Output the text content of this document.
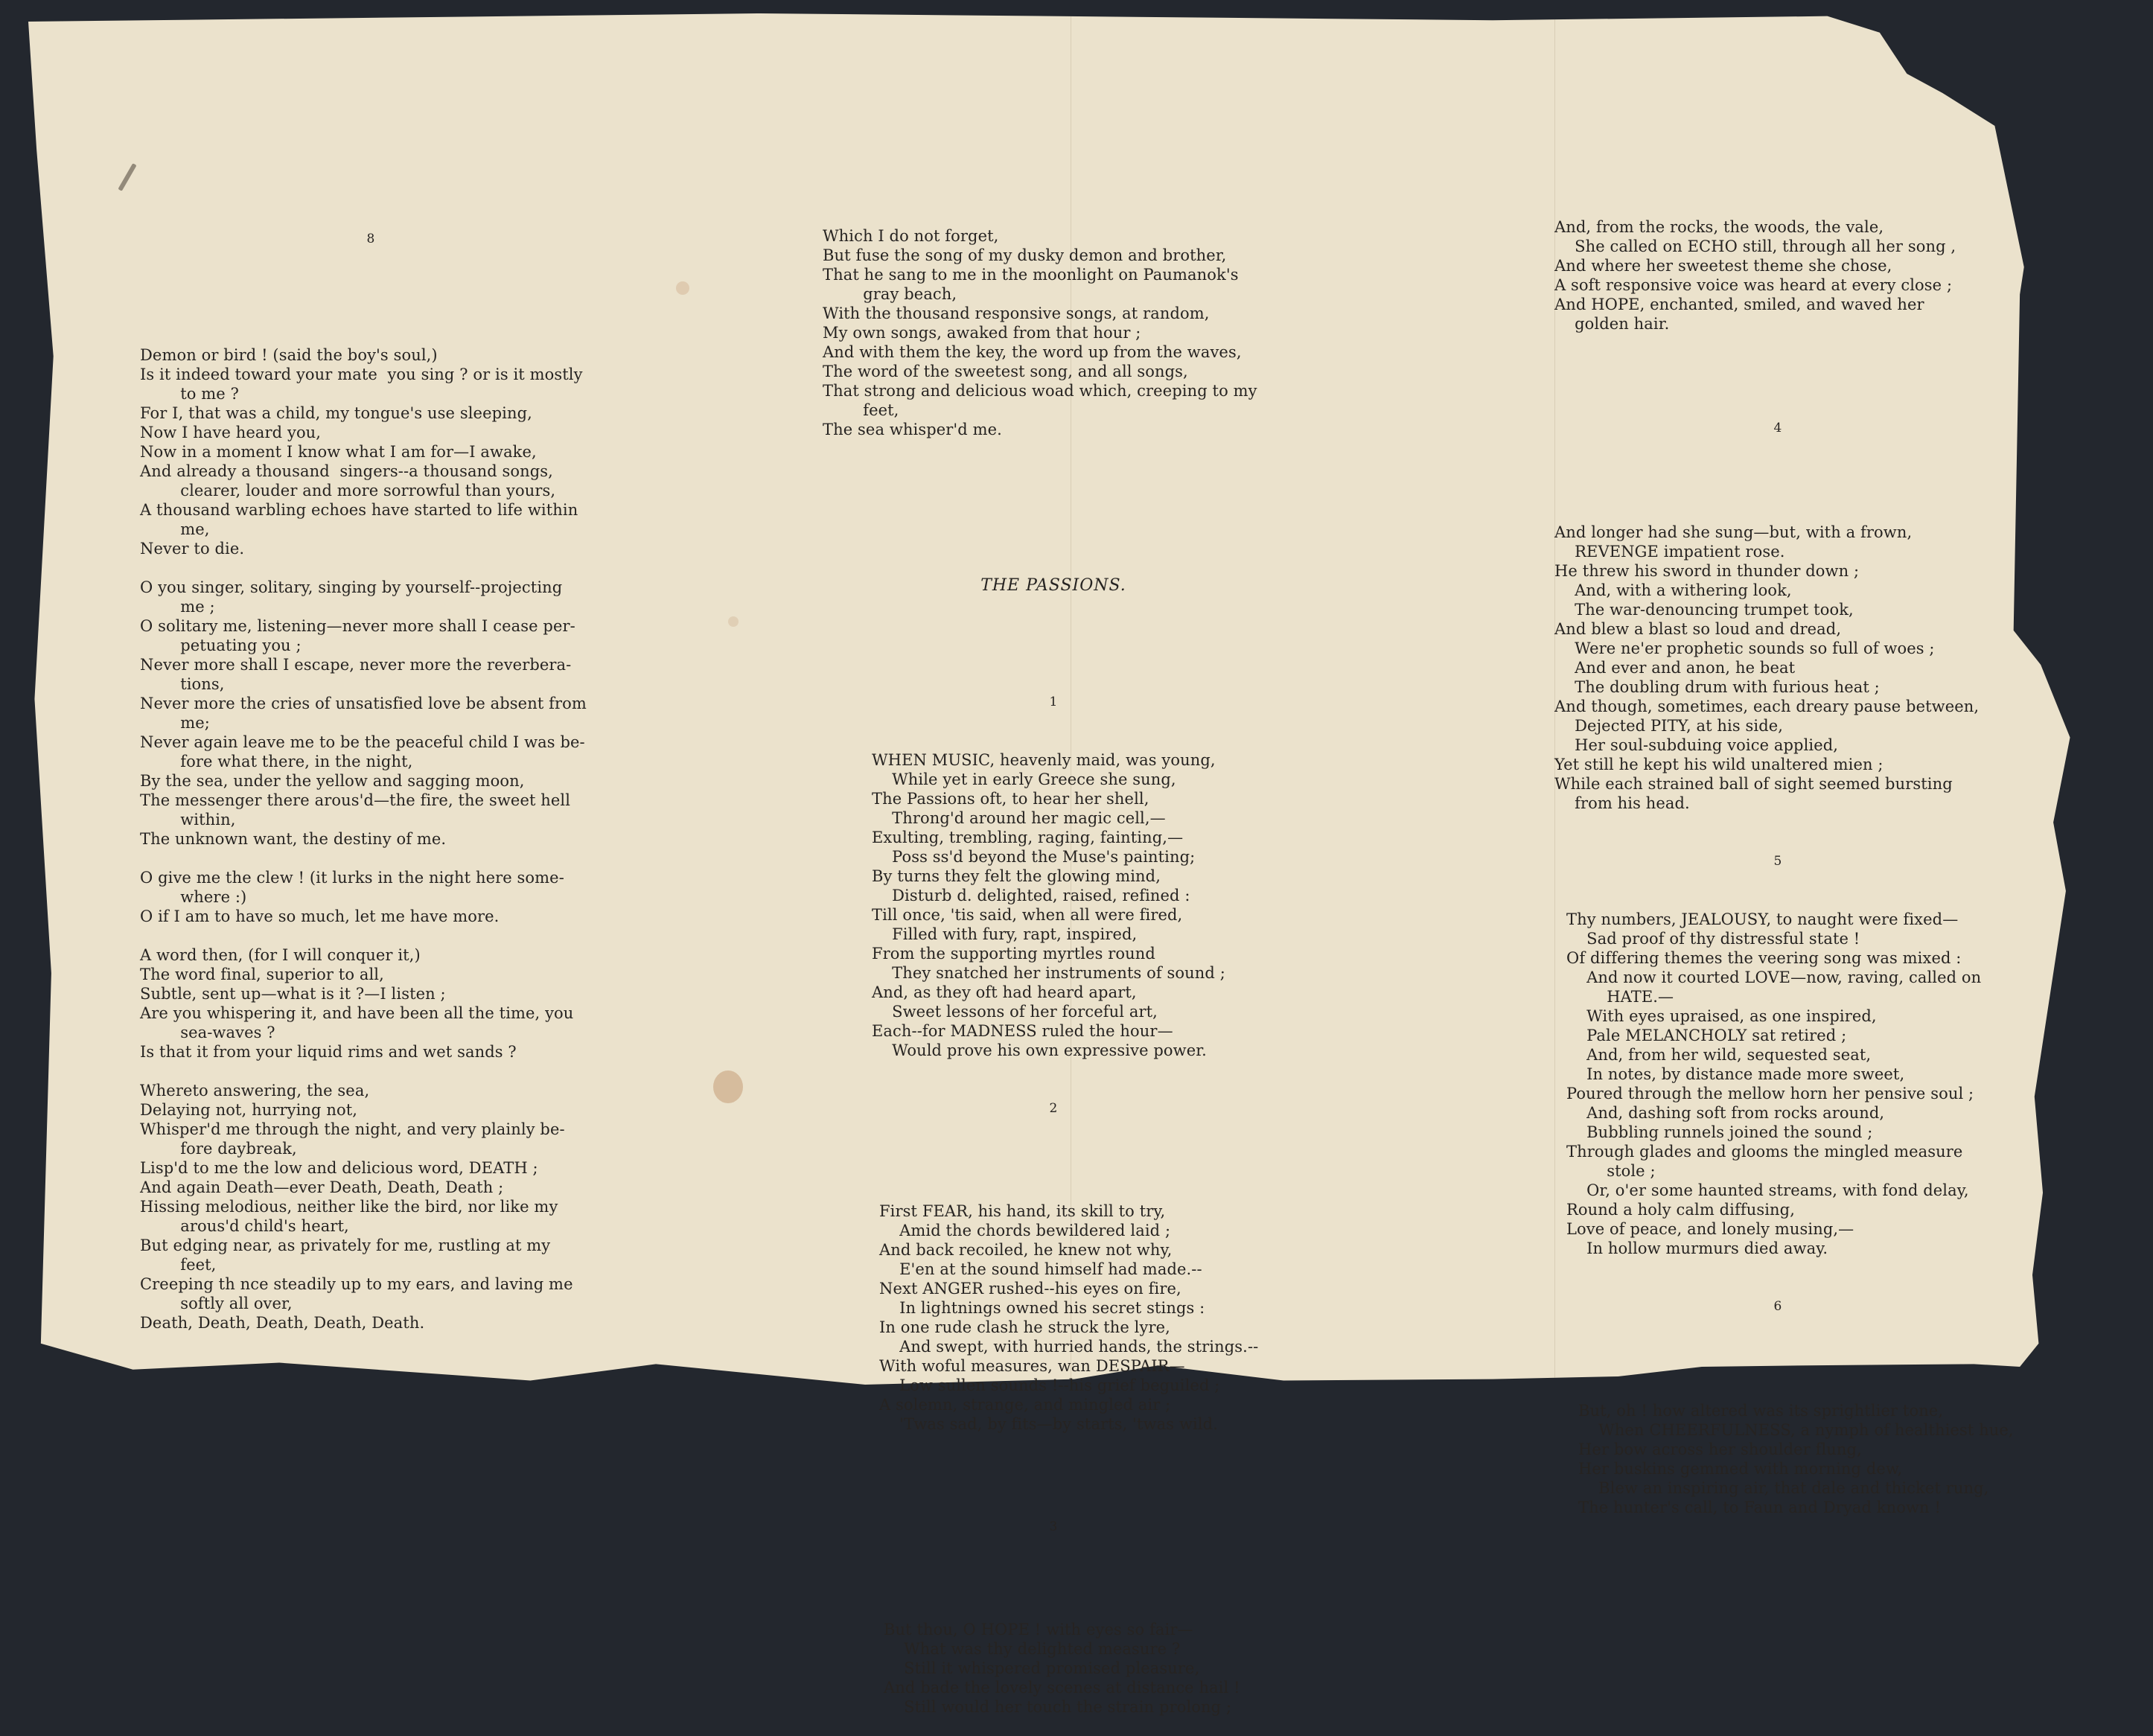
8

Demon or bird ! (said the boy's soul,)

Is it indeed toward your mate  you sing ? or is it mostly

to me ?

For I, that was a child, my tongue's use sleeping,

Now I have heard you,

Now in a moment I know what I am for—I awake,

And already a thousand  singers--a thousand songs,

clearer, louder and more sorrowful than yours,

A thousand warbling echoes have started to life within

me,

Never to die.

O you singer, solitary, singing by yourself--projecting

me ;

O solitary me, listening—never more shall I cease per-

petuating you ;

Never more shall I escape, never more the reverbera-

tions,

Never more the cries of unsatisfied love be absent from

me;

Never again leave me to be the peaceful child I was be-

fore what there, in the night,

By the sea, under the yellow and sagging moon,

The messenger there arous'd—the fire, the sweet hell

within,

The unknown want, the destiny of me.

O give me the clew ! (it lurks in the night here some-

where :)

O if I am to have so much, let me have more.

A word then, (for I will conquer it,)

The word final, superior to all,

Subtle, sent up—what is it ?—I listen ;

Are you whispering it, and have been all the time, you

sea-waves ?

Is that it from your liquid rims and wet sands ?

Whereto answering, the sea,

Delaying not, hurrying not,

Whisper'd me through the night, and very plainly be-

fore daybreak,

Lisp'd to me the low and delicious word, DEATH ;

And again Death—ever Death, Death, Death ;

Hissing melodious, neither like the bird, nor like my

arous'd child's heart,

But edging near, as privately for me, rustling at my

feet,

Creeping th nce steadily up to my ears, and laving me

softly all over,

Death, Death, Death, Death, Death.

Which I do not forget,

But fuse the song of my dusky demon and brother,

That he sang to me in the moonlight on Paumanok's

gray beach,

With the thousand responsive songs, at random,

My own songs, awaked from that hour ;

And with them the key, the word up from the waves,

The word of the sweetest song, and all songs,

That strong and delicious woad which, creeping to my

feet,

The sea whisper'd me.

THE PASSIONS.

1

WHEN MUSIC, heavenly maid, was young,

While yet in early Greece she sung,

The Passions oft, to hear her shell,

Throng'd around her magic cell,—

Exulting, trembling, raging, fainting,—

Poss ss'd beyond the Muse's painting;

By turns they felt the glowing mind,

Disturb d. delighted, raised, refined :

Till once, 'tis said, when all were fired,

Filled with fury, rapt, inspired,

From the supporting myrtles round

They snatched her instruments of sound ;

And, as they oft had heard apart,

Sweet lessons of her forceful art,

Each--for MADNESS ruled the hour—

Would prove his own expressive power.

2

First FEAR, his hand, its skill to try,

Amid the chords bewildered laid ;

And back recoiled, he knew not why,

E'en at the sound himself had made.--

Next ANGER rushed--his eyes on fire,

In lightnings owned his secret stings :

In one rude clash he struck the lyre,

And swept, with hurried hands, the strings.--

With woful measures, wan DESPAIR—

Low sullen sounds !--his grief beguiled ;

A solemn, strange, and mingled air ;

'Twas sad, by fits—by starts, 'twas wild.

3

But thou, O HOPE ! with eyes so fair—

What was thy delighted measure ?

Still it whispered promised pleasure,

And bade the lovely scenes at distance hail !

Still would her touch the strain prolong ;

And, from the rocks, the woods, the vale,

She called on ECHO still, through all her song ,

And where her sweetest theme she chose,

A soft responsive voice was heard at every close ;

And HOPE, enchanted, smiled, and waved her

golden hair.

4

And longer had she sung—but, with a frown,

REVENGE impatient rose.

He threw his sword in thunder down ;

And, with a withering look,

The war-denouncing trumpet took,

And blew a blast so loud and dread,

Were ne'er prophetic sounds so full of woes ;

And ever and anon, he beat

The doubling drum with furious heat ;

And though, sometimes, each dreary pause between,

Dejected PITY, at his side,

Her soul-subduing voice applied,

Yet still he kept his wild unaltered mien ;

While each strained ball of sight seemed bursting

from his head.

5

Thy numbers, JEALOUSY, to naught were fixed—

Sad proof of thy distressful state !

Of differing themes the veering song was mixed :

And now it courted LOVE—now, raving, called on

HATE.—

With eyes upraised, as one inspired,

Pale MELANCHOLY sat retired ;

And, from her wild, sequested seat,

In notes, by distance made more sweet,

Poured through the mellow horn her pensive soul ;

And, dashing soft from rocks around,

Bubbling runnels joined the sound ;

Through glades and glooms the mingled measure

stole ;

Or, o'er some haunted streams, with fond delay,

Round a holy calm diffusing,

Love of peace, and lonely musing,—

In hollow murmurs died away.

6

But, oh ! how altered was its sprightlier tone,

When CHEERFULNESS, a nymph of healthiest hue,

Her bow across her shoulder flung,

Her buskins gemmed with morning dew,

Blew an inspiring air, that dale and thicket rung,

The hunter's call, to Faun and Dryad known !
